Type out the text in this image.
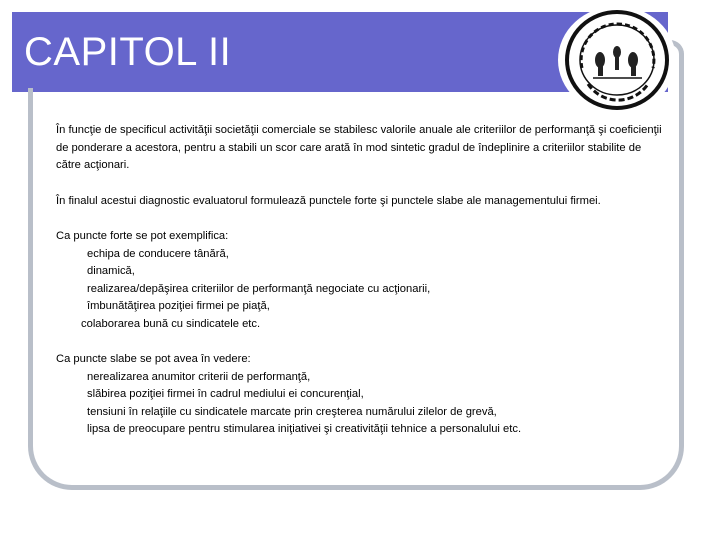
CAPITOL II

În funcţie de specificul activităţii societăţii comerciale se stabilesc valorile anuale ale criteriilor de performanţă şi coeficienţii de ponderare a acestora, pentru a stabili un scor care arată în mod sintetic gradul de îndeplinire a criteriilor stabilite de către acţionari.

În finalul acestui diagnostic evaluatorul formulează punctele forte şi punctele slabe ale managementului firmei.

Ca puncte forte se pot exemplifica:

echipa de conducere tânără,

dinamică,

realizarea/depăşirea criteriilor de performanţă negociate cu acţionarii,

îmbunătăţirea poziţiei firmei pe piaţă,

colaborarea bună cu sindicatele etc.

Ca puncte slabe se pot avea în vedere:

nerealizarea anumitor criterii de performanţă,

slăbirea poziţiei firmei în cadrul mediului ei concurenţial,

tensiuni în relaţiile cu sindicatele marcate prin creşterea numărului zilelor de grevă,

lipsa de preocupare pentru stimularea iniţiativei şi creativităţii tehnice a personalului etc.
